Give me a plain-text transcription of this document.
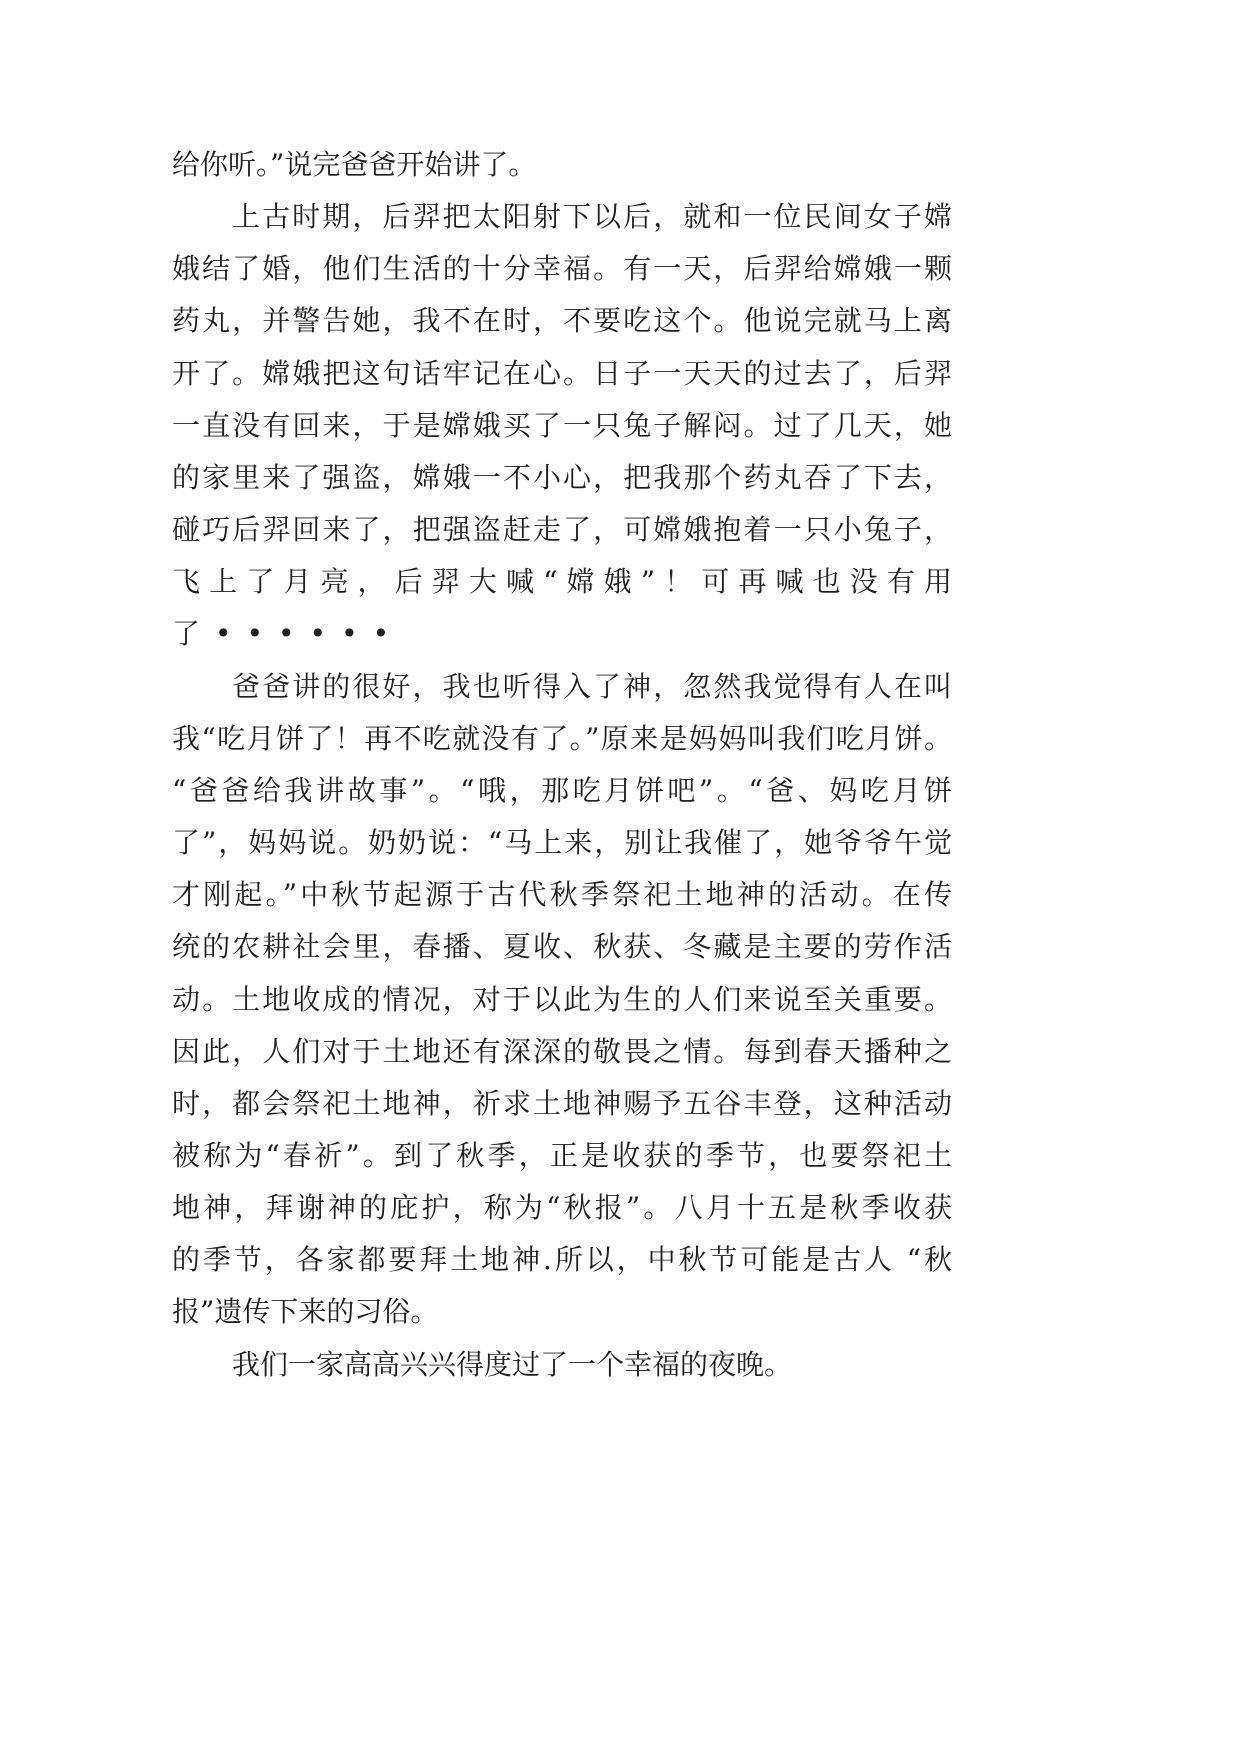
给你听。”说完爸爸开始讲了。
上古时期，后羿把太阳射下以后，就和一位民间女子嫦
娥结了婚，他们生活的十分幸福。有一天，后羿给嫦娥一颗
药丸，并警告她，我不在时，不要吃这个。他说完就马上离
开了。嫦娥把这句话牢记在心。日子一天天的过去了，后羿
一直没有回来，于是嫦娥买了一只兔子解闷。过了几天，她
的家里来了强盗，嫦娥一不小心，把我那个药丸吞了下去，
碰巧后羿回来了，把强盗赶走了，可嫦娥抱着一只小兔子，
飞上了月亮，后羿大喊“嫦娥”！可再喊也没有用
了••••••
爸爸讲的很好，我也听得入了神，忽然我觉得有人在叫
我“吃月饼了！再不吃就没有了。”原来是妈妈叫我们吃月饼。
“爸爸给我讲故事”。“哦，那吃月饼吧”。“爸、妈吃月饼
了”，妈妈说。奶奶说：“马上来，别让我催了，她爷爷午觉
才刚起。”中秋节起源于古代秋季祭祀土地神的活动。在传
统的农耕社会里，春播、夏收、秋获、冬藏是主要的劳作活
动。土地收成的情况，对于以此为生的人们来说至关重要。
因此，人们对于土地还有深深的敬畏之情。每到春天播种之
时，都会祭祀土地神，祈求土地神赐予五谷丰登，这种活动
被称为“春祈”。到了秋季，正是收获的季节，也要祭祀土
地神，拜谢神的庇护，称为“秋报”。八月十五是秋季收获
的季节，各家都要拜土地神.所以，中秋节可能是古人 “秋
报”遗传下来的习俗。
我们一家高高兴兴得度过了一个幸福的夜晚。
